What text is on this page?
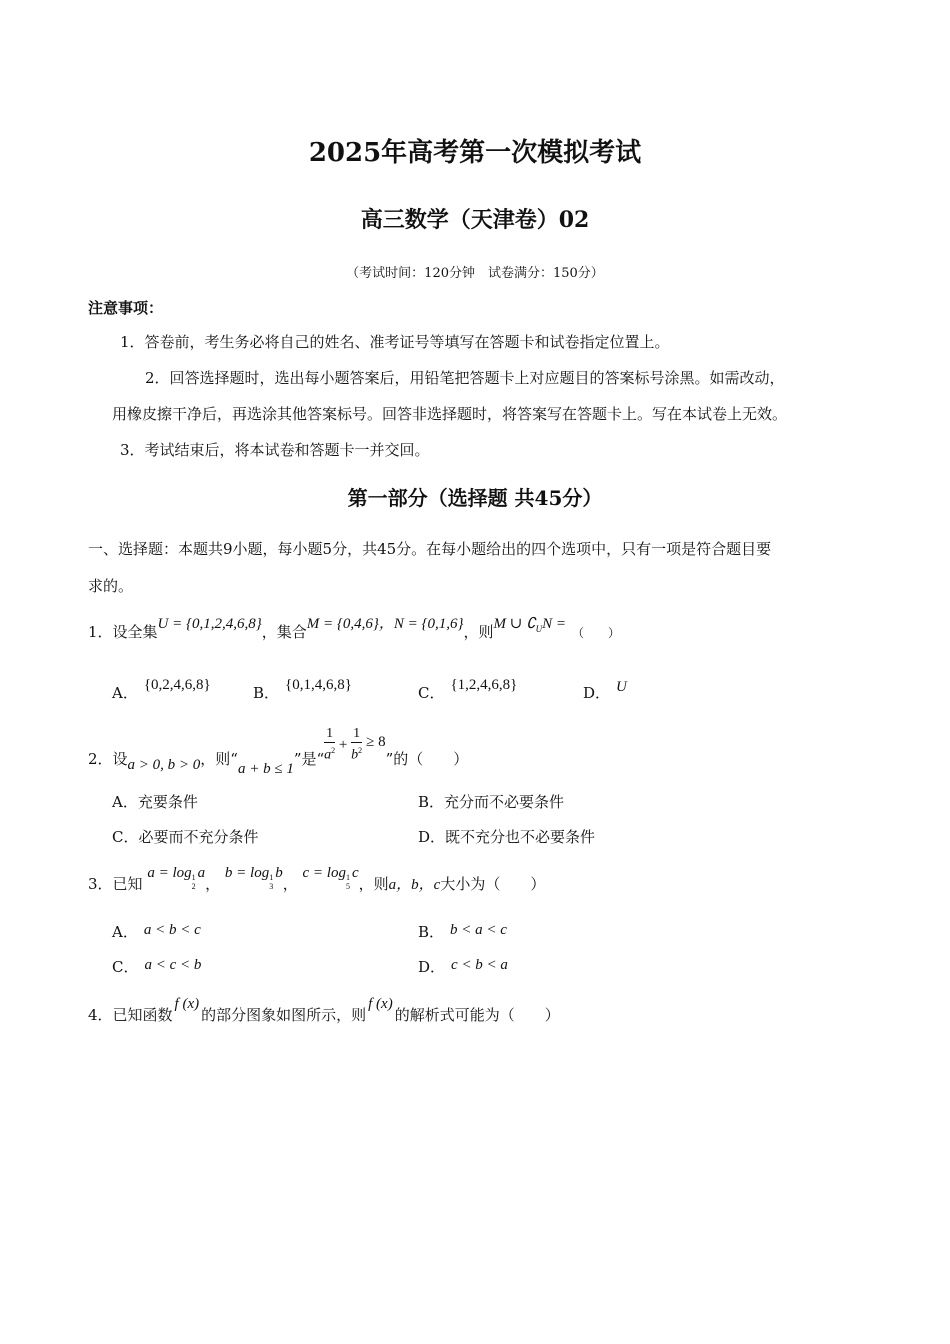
2025年高考第一次模拟考试
高三数学（天津卷）02
（考试时间：120分钟　试卷满分：150分）
注意事项：
1．答卷前，考生务必将自己的姓名、准考证号等填写在答题卡和试卷指定位置上。
2．回答选择题时，选出每小题答案后，用铅笔把答题卡上对应题目的答案标号涂黑。如需改动，
用橡皮擦干净后，再选涂其他答案标号。回答非选择题时，将答案写在答题卡上。写在本试卷上无效。
3．考试结束后，将本试卷和答题卡一并交回。
第一部分（选择题 共45分）
一、选择题：本题共9小题，每小题5分，共45分。在每小题给出的四个选项中，只有一项是符合题目要
求的。
1．设全集U = {0,1,2,4,6,8}，集合M = {0,4,6}，N = {0,1,6}，则M ∪ $∁_UN$ =（　　）
A． {0,2,4,6,8}	B． {0,1,4,6,8}	C． {1,2,4,6,8}	D． U
2．设a > 0, b > 0，则“a + b ≤ 1”是“ $\frac{1}{a^2} + \frac{1}{b^2} \ge 8$”的（　　）
A．充要条件	B．充分而不必要条件
C．必要而不充分条件	D．既不充分也不必要条件
3．已知 a = log 1
2
a， b = log 1
3
b， c = log 1
5
c，则a，b，c大小为（　　）
A． a < b < c	B． b < a < c
C． a < c < b	D． c < b < a
4．已知函数f (x)的部分图象如图所示，则f (x)的解析式可能为（　　）
